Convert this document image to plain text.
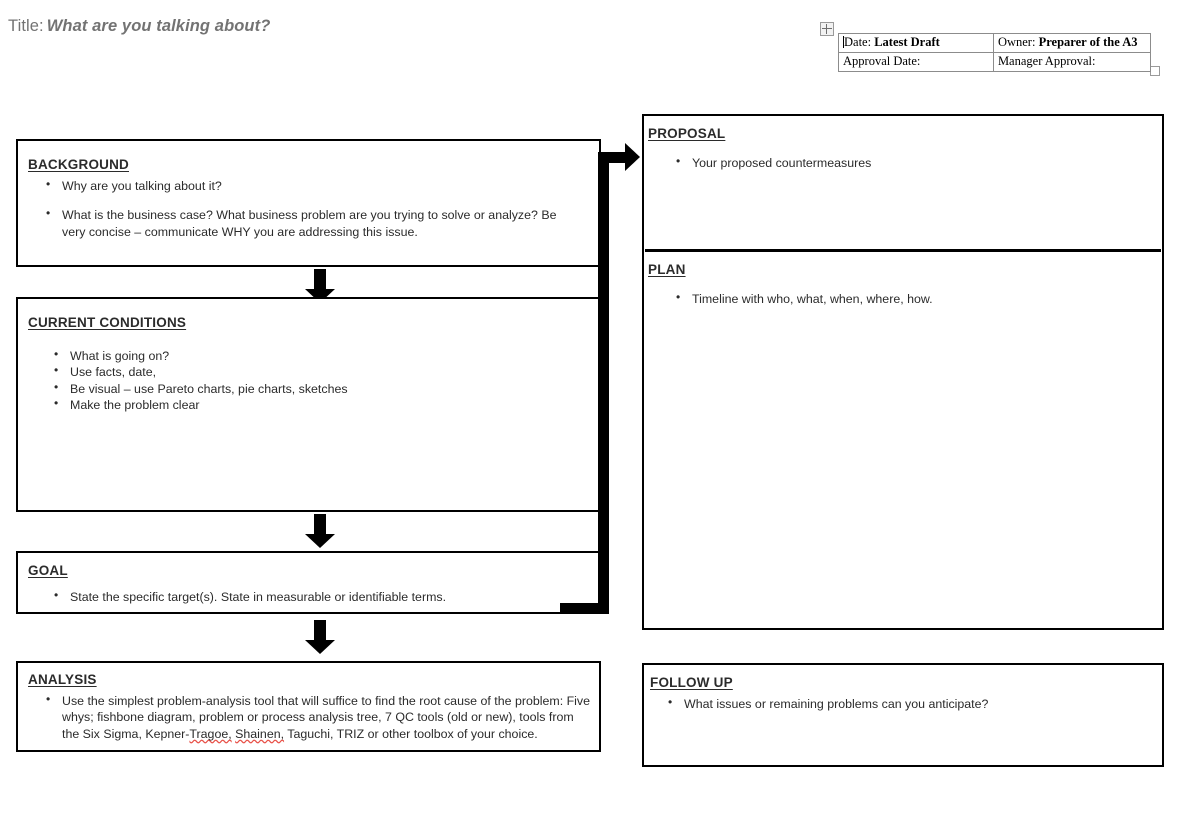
Title: What are you talking about?
Date: Latest Draft	Owner: Preparer of the A3
Approval Date:	Manager Approval:
BACKGROUND
• Why are you talking about it?
• What is the business case? What business problem are you trying to solve or analyze? Be very concise – communicate WHY you are addressing this issue.
CURRENT CONDITIONS
• What is going on?
• Use facts, date,
• Be visual – use Pareto charts, pie charts, sketches
• Make the problem clear
GOAL
• State the specific target(s). State in measurable or identifiable terms.
ANALYSIS
• Use the simplest problem-analysis tool that will suffice to find the root cause of the problem: Five whys; fishbone diagram, problem or process analysis tree, 7 QC tools (old or new), tools from the Six Sigma, Kepner-Tragoe, Shainen, Taguchi, TRIZ or other toolbox of your choice.
PROPOSAL
• Your proposed countermeasures
PLAN
• Timeline with who, what, when, where, how.
FOLLOW UP
• What issues or remaining problems can you anticipate?
